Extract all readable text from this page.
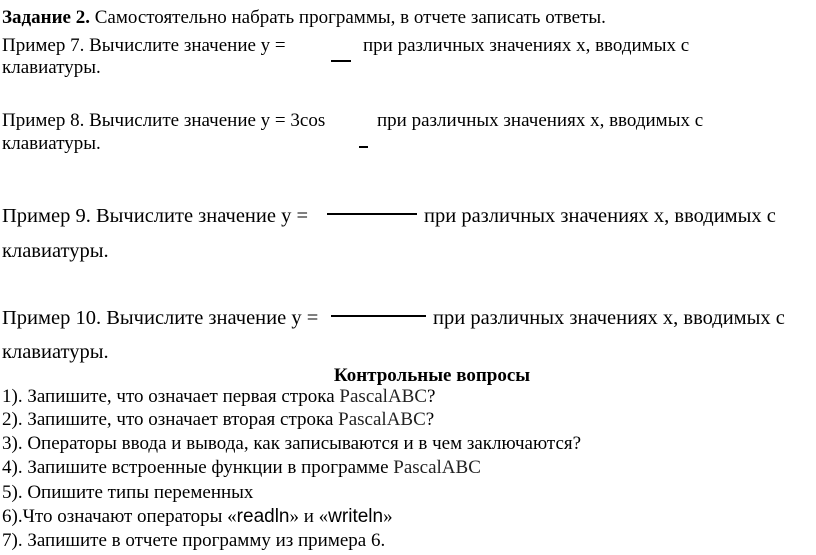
Задание 2. Самостоятельно набрать программы, в отчете записать ответы.
Пример 7. Вычислите значение у =	при различных значениях х, вводимых с
клавиатуры.
Пример 8. Вычислите значение у = 3cos	при различных значениях х, вводимых с
клавиатуры.
Пример 9. Вычислите значение у =	при различных значениях х, вводимых с
клавиатуры.
Пример 10. Вычислите значение у =	при различных значениях х, вводимых с
клавиатуры.
Контрольные вопросы
1). Запишите, что означает первая строка PascalABC?
2). Запишите, что означает вторая строка PascalABC?
3). Операторы ввода и вывода, как записываются и в чем заключаются?
4). Запишите встроенные функции в программе PascalABC
5). Опишите типы переменных
6).Что означают операторы «readln» и «writeln»
7). Запишите в отчете программу из примера 6.
